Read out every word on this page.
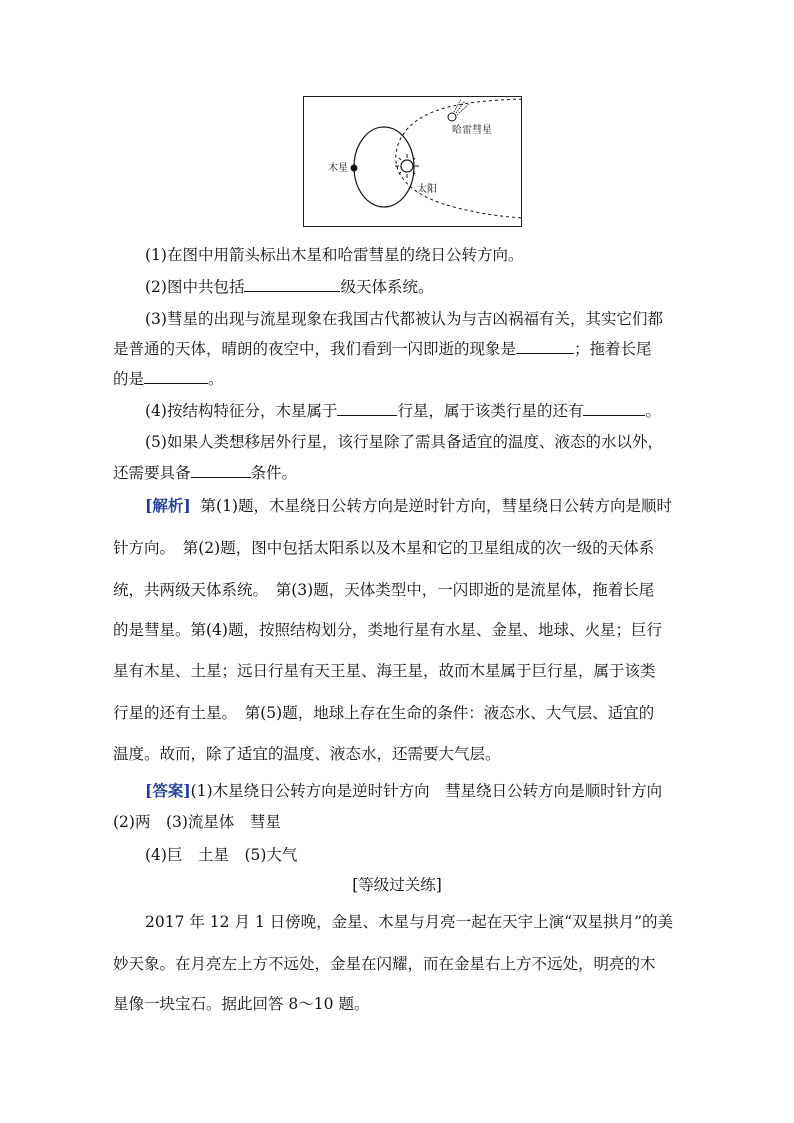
哈雷彗星
木星
太阳
(1)在图中用箭头标出木星和哈雷彗星的绕日公转方向。
(2)图中共包括	级天体系统。
(3)彗星的出现与流星现象在我国古代都被认为与吉凶祸福有关，其实它们都
是普通的天体，晴朗的夜空中，我们看到一闪即逝的现象是	；拖着长尾
的是	。
(4)按结构特征分，木星属于	行星，属于该类行星的还有	。
(5)如果人类想移居外行星，该行星除了需具备适宜的温度、液态的水以外，
还需要具备	条件。
[解析] 第(1)题，木星绕日公转方向是逆时针方向，彗星绕日公转方向是顺时
针方向。　第(2)题，图中包括太阳系以及木星和它的卫星组成的次一级的天体系
统，共两级天体系统。　第(3)题，天体类型中，一闪即逝的是流星体，拖着长尾
的是彗星。第(4)题，按照结构划分，类地行星有水星、金星、地球、火星；巨行
星有木星、土星；远日行星有天王星、海王星，故而木星属于巨行星，属于该类
行星的还有土星。　第(5)题，地球上存在生命的条件：液态水、大气层、适宜的
温度。故而，除了适宜的温度、液态水，还需要大气层。
[答案](1)木星绕日公转方向是逆时针方向　彗星绕日公转方向是顺时针方向
(2)两　(3)流星体　彗星
(4)巨　土星　(5)大气
[等级过关练]
2017 年 12 月 1 日傍晚，金星、木星与月亮一起在天宇上演“双星拱月”的美
妙天象。在月亮左上方不远处，金星在闪耀，而在金星右上方不远处，明亮的木
星像一块宝石。据此回答 8～10 题。
